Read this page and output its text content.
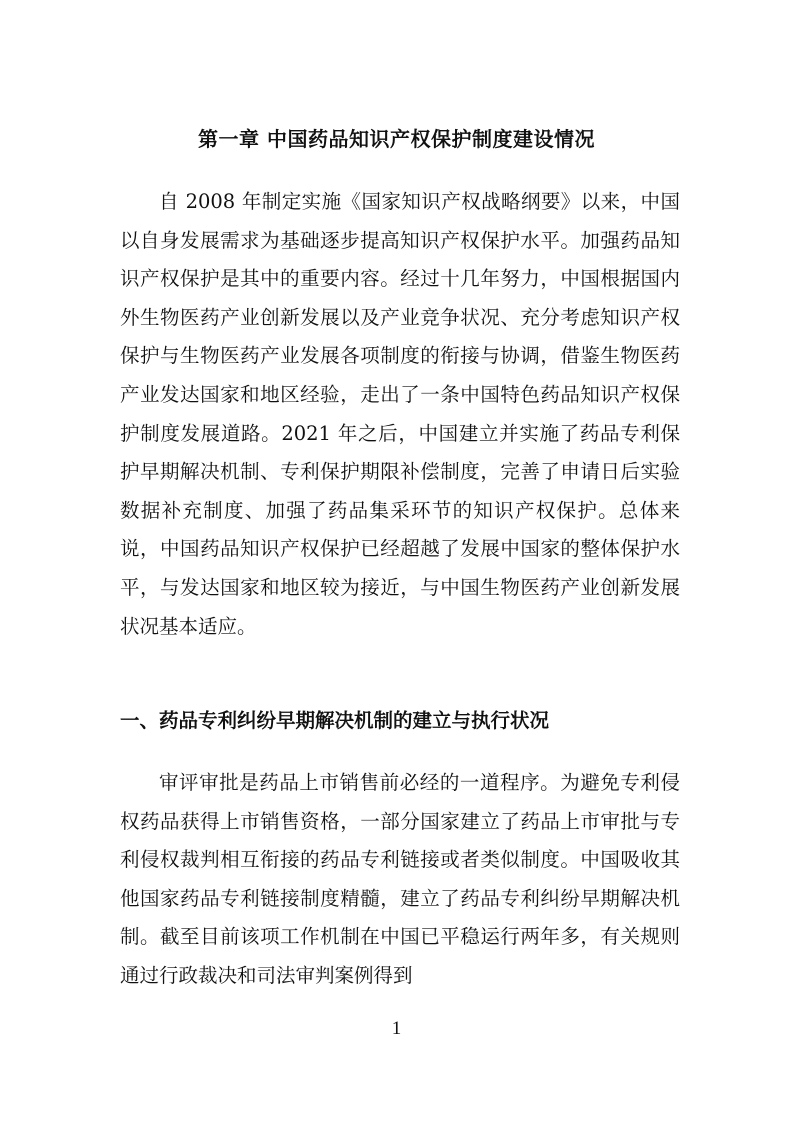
第一章 中国药品知识产权保护制度建设情况

自 2008 年制定实施《国家知识产权战略纲要》以来，中国以自身发展需求为基础逐步提高知识产权保护水平。加强药品知识产权保护是其中的重要内容。经过十几年努力，中国根据国内外生物医药产业创新发展以及产业竞争状况、充分考虑知识产权保护与生物医药产业发展各项制度的衔接与协调，借鉴生物医药产业发达国家和地区经验，走出了一条中国特色药品知识产权保护制度发展道路。2021 年之后，中国建立并实施了药品专利保护早期解决机制、专利保护期限补偿制度，完善了申请日后实验数据补充制度、加强了药品集采环节的知识产权保护。总体来说，中国药品知识产权保护已经超越了发展中国家的整体保护水平，与发达国家和地区较为接近，与中国生物医药产业创新发展状况基本适应。

一、药品专利纠纷早期解决机制的建立与执行状况

审评审批是药品上市销售前必经的一道程序。为避免专利侵权药品获得上市销售资格，一部分国家建立了药品上市审批与专利侵权裁判相互衔接的药品专利链接或者类似制度。中国吸收其他国家药品专利链接制度精髓，建立了药品专利纠纷早期解决机制。截至目前该项工作机制在中国已平稳运行两年多，有关规则通过行政裁决和司法审判案例得到

1
